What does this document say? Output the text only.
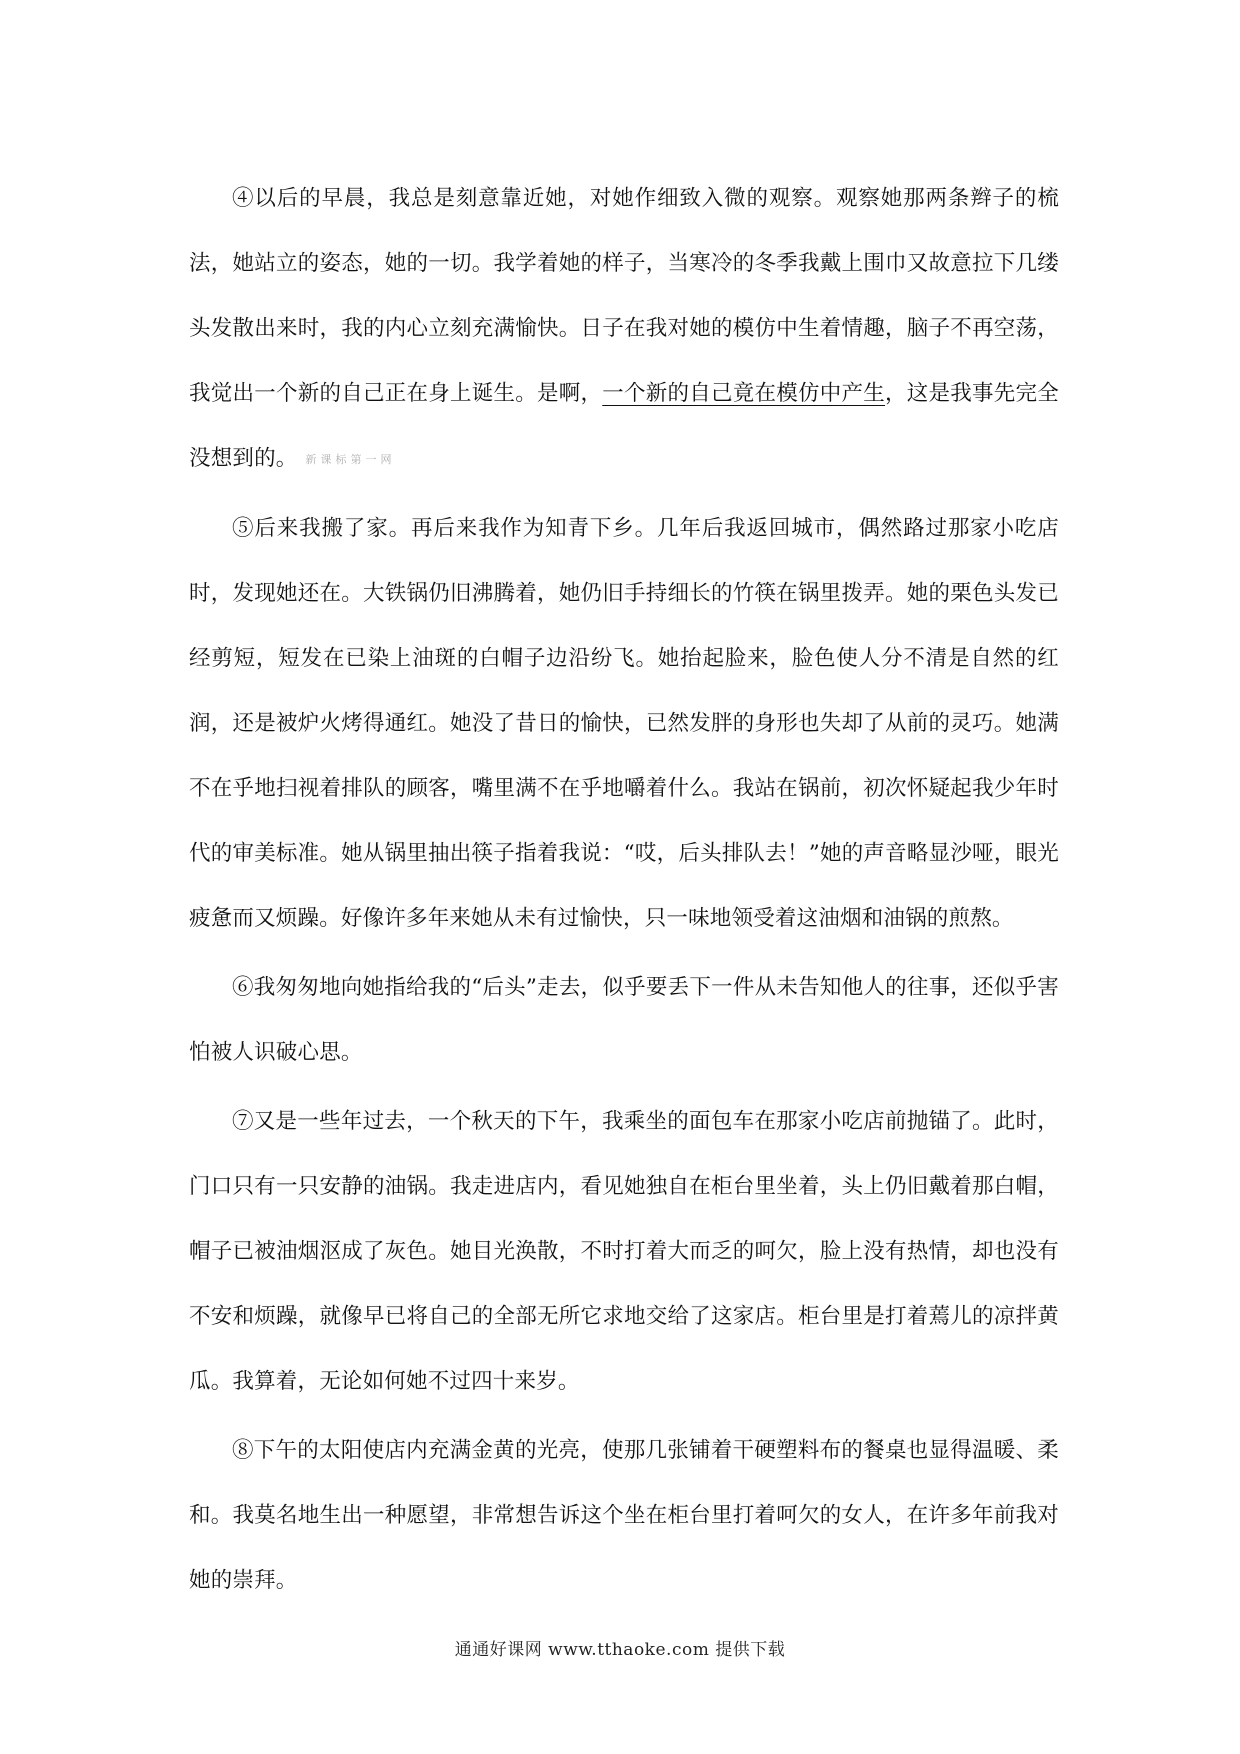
④以后的早晨，我总是刻意靠近她，对她作细致入微的观察。观察她那两条辫子的梳法，她站立的姿态，她的一切。我学着她的样子，当寒冷的冬季我戴上围巾又故意拉下几缕头发散出来时，我的内心立刻充满愉快。日子在我对她的模仿中生着情趣，脑子不再空荡，我觉出一个新的自己正在身上诞生。是啊，一个新的自己竟在模仿中产生，这是我事先完全没想到的。 新课标第一网

⑤后来我搬了家。再后来我作为知青下乡。几年后我返回城市，偶然路过那家小吃店时，发现她还在。大铁锅仍旧沸腾着，她仍旧手持细长的竹筷在锅里拨弄。她的栗色头发已经剪短，短发在已染上油斑的白帽子边沿纷飞。她抬起脸来，脸色使人分不清是自然的红润，还是被炉火烤得通红。她没了昔日的愉快，已然发胖的身形也失却了从前的灵巧。她满不在乎地扫视着排队的顾客，嘴里满不在乎地嚼着什么。我站在锅前，初次怀疑起我少年时代的审美标准。她从锅里抽出筷子指着我说：“哎，后头排队去！”她的声音略显沙哑，眼光疲惫而又烦躁。好像许多年来她从未有过愉快，只一味地领受着这油烟和油锅的煎熬。

⑥我匆匆地向她指给我的“后头”走去，似乎要丢下一件从未告知他人的往事，还似乎害怕被人识破心思。

⑦又是一些年过去，一个秋天的下午，我乘坐的面包车在那家小吃店前抛锚了。此时，门口只有一只安静的油锅。我走进店内，看见她独自在柜台里坐着，头上仍旧戴着那白帽，帽子已被油烟沤成了灰色。她目光涣散，不时打着大而乏的呵欠，脸上没有热情，却也没有不安和烦躁，就像早已将自己的全部无所它求地交给了这家店。柜台里是打着蔫儿的凉拌黄瓜。我算着，无论如何她不过四十来岁。

⑧下午的太阳使店内充满金黄的光亮，使那几张铺着干硬塑料布的餐桌也显得温暖、柔和。我莫名地生出一种愿望，非常想告诉这个坐在柜台里打着呵欠的女人，在许多年前我对她的崇拜。

通通好课网 www.tthaoke.com 提供下载
